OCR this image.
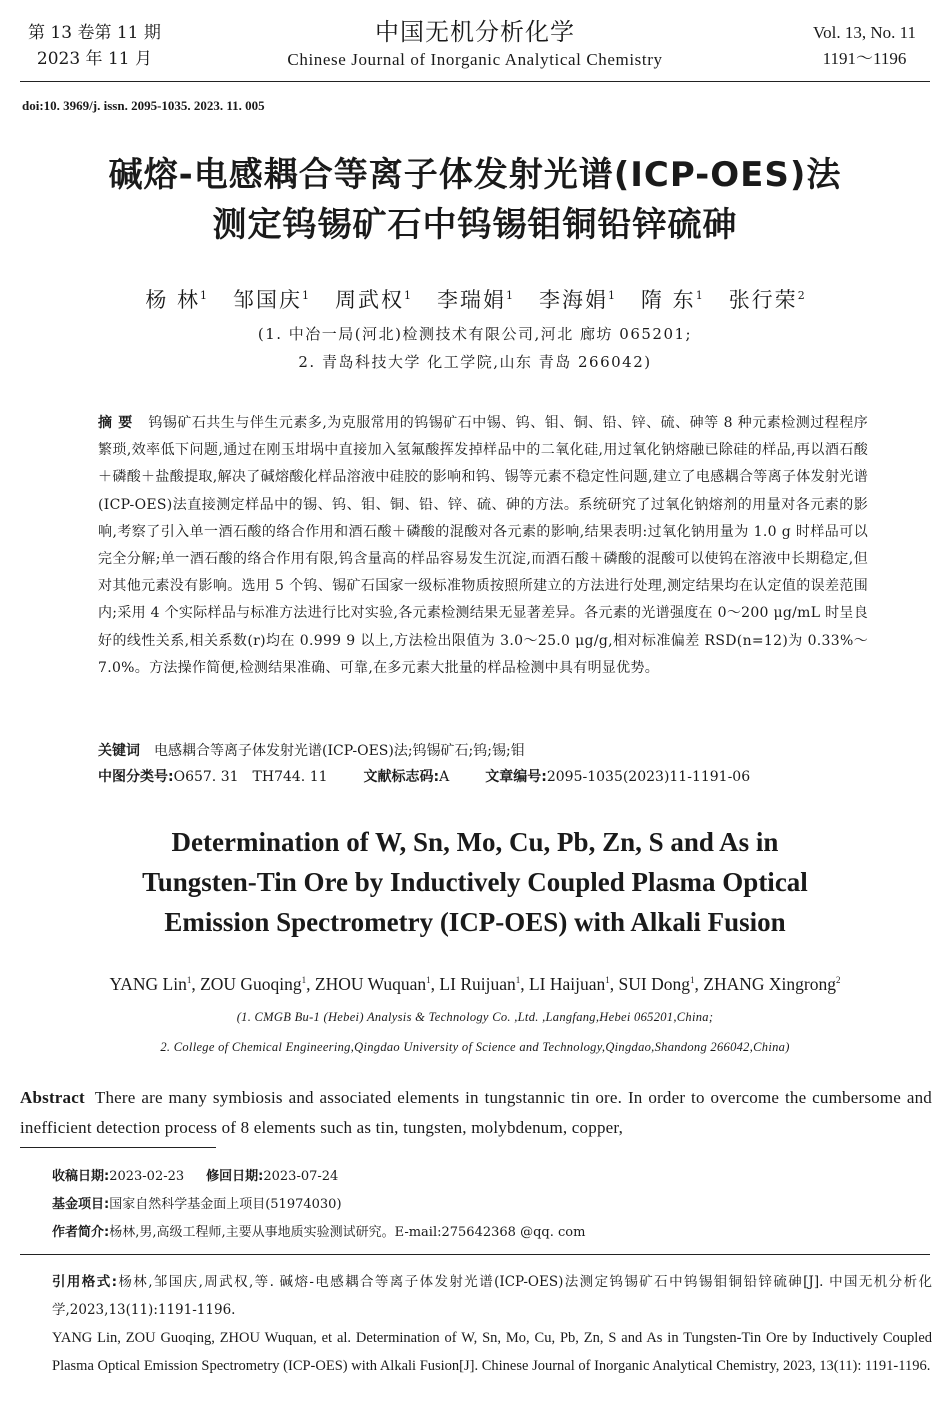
第 13 卷第 11 期
2023 年 11 月
中国无机分析化学
Chinese Journal of Inorganic Analytical Chemistry
Vol. 13, No. 11
1191～1196
doi:10. 3969/j. issn. 2095-1035. 2023. 11. 005
碱熔-电感耦合等离子体发射光谱(ICP-OES)法
测定钨锡矿石中钨锡钼铜铅锌硫砷
杨 林$^1$ 邹国庆$^1$ 周武权$^1$ 李瑞娟$^1$ 李海娟$^1$ 隋 东$^1$ 张行荣$^2$
(1. 中冶一局(河北)检测技术有限公司,河北 廊坊 065201;
2. 青岛科技大学 化工学院,山东 青岛 266042)
摘要 钨锡矿石共生与伴生元素多,为克服常用的钨锡矿石中锡、钨、钼、铜、铅、锌、硫、砷等 8 种元素检测过程程序繁琐,效率低下问题,通过在刚玉坩埚中直接加入氢氟酸挥发掉样品中的二氧化硅,用过氧化钠熔融已除硅的样品,再以酒石酸＋磷酸＋盐酸提取,解决了碱熔酸化样品溶液中硅胶的影响和钨、锡等元素不稳定性问题,建立了电感耦合等离子体发射光谱(ICP-OES)法直接测定样品中的锡、钨、钼、铜、铅、锌、硫、砷的方法。系统研究了过氧化钠熔剂的用量对各元素的影响,考察了引入单一酒石酸的络合作用和酒石酸＋磷酸的混酸对各元素的影响,结果表明:过氧化钠用量为 1.0 g 时样品可以完全分解;单一酒石酸的络合作用有限,钨含量高的样品容易发生沉淀,而酒石酸＋磷酸的混酸可以使钨在溶液中长期稳定,但对其他元素没有影响。选用 5 个钨、锡矿石国家一级标准物质按照所建立的方法进行处理,测定结果均在认定值的误差范围内;采用 4 个实际样品与标准方法进行比对实验,各元素检测结果无显著差异。各元素的光谱强度在 0～200 μg/mL 时呈良好的线性关系,相关系数(r)均在 0.999 9 以上,方法检出限值为 3.0～25.0 μg/g,相对标准偏差 RSD(n=12)为 0.33%～7.0%。方法操作简便,检测结果准确、可靠,在多元素大批量的样品检测中具有明显优势。
关键词 电感耦合等离子体发射光谱(ICP-OES)法;钨锡矿石;钨;锡;钼
中图分类号:O657. 31　TH744. 11	文献标志码:A	文章编号:2095-1035(2023)11-1191-06
Determination of W, Sn, Mo, Cu, Pb, Zn, S and As in
Tungsten-Tin Ore by Inductively Coupled Plasma Optical
Emission Spectrometry (ICP-OES) with Alkali Fusion
YANG Lin$^1$, ZOU Guoqing$^1$, ZHOU Wuquan$^1$, LI Ruijuan$^1$, LI Haijuan$^1$, SUI Dong$^1$, ZHANG Xingrong$^2$
(1. CMGB Bu-1 (Hebei) Analysis & Technology Co. ,Ltd. ,Langfang,Hebei 065201,China;
2. College of Chemical Engineering,Qingdao University of Science and Technology,Qingdao,Shandong 266042,China)
Abstract There are many symbiosis and associated elements in tungstannic tin ore. In order to overcome the cumbersome and inefficient detection process of 8 elements such as tin, tungsten, molybdenum, copper,
收稿日期:2023-02-23 修回日期:2023-07-24
基金项目:国家自然科学基金面上项目(51974030)
作者简介:杨林,男,高级工程师,主要从事地质实验测试研究。E-mail:275642368 @qq. com
引用格式:杨林,邹国庆,周武权,等. 碱熔-电感耦合等离子体发射光谱(ICP-OES)法测定钨锡矿石中钨锡钼铜铅锌硫砷[J]. 中国无机分析化学,2023,13(11):1191-1196.
YANG Lin, ZOU Guoqing, ZHOU Wuquan, et al. Determination of W, Sn, Mo, Cu, Pb, Zn, S and As in Tungsten-Tin Ore by Inductively Coupled Plasma Optical Emission Spectrometry (ICP-OES) with Alkali Fusion[J]. Chinese Journal of Inorganic Analytical Chemistry, 2023, 13(11): 1191-1196.
